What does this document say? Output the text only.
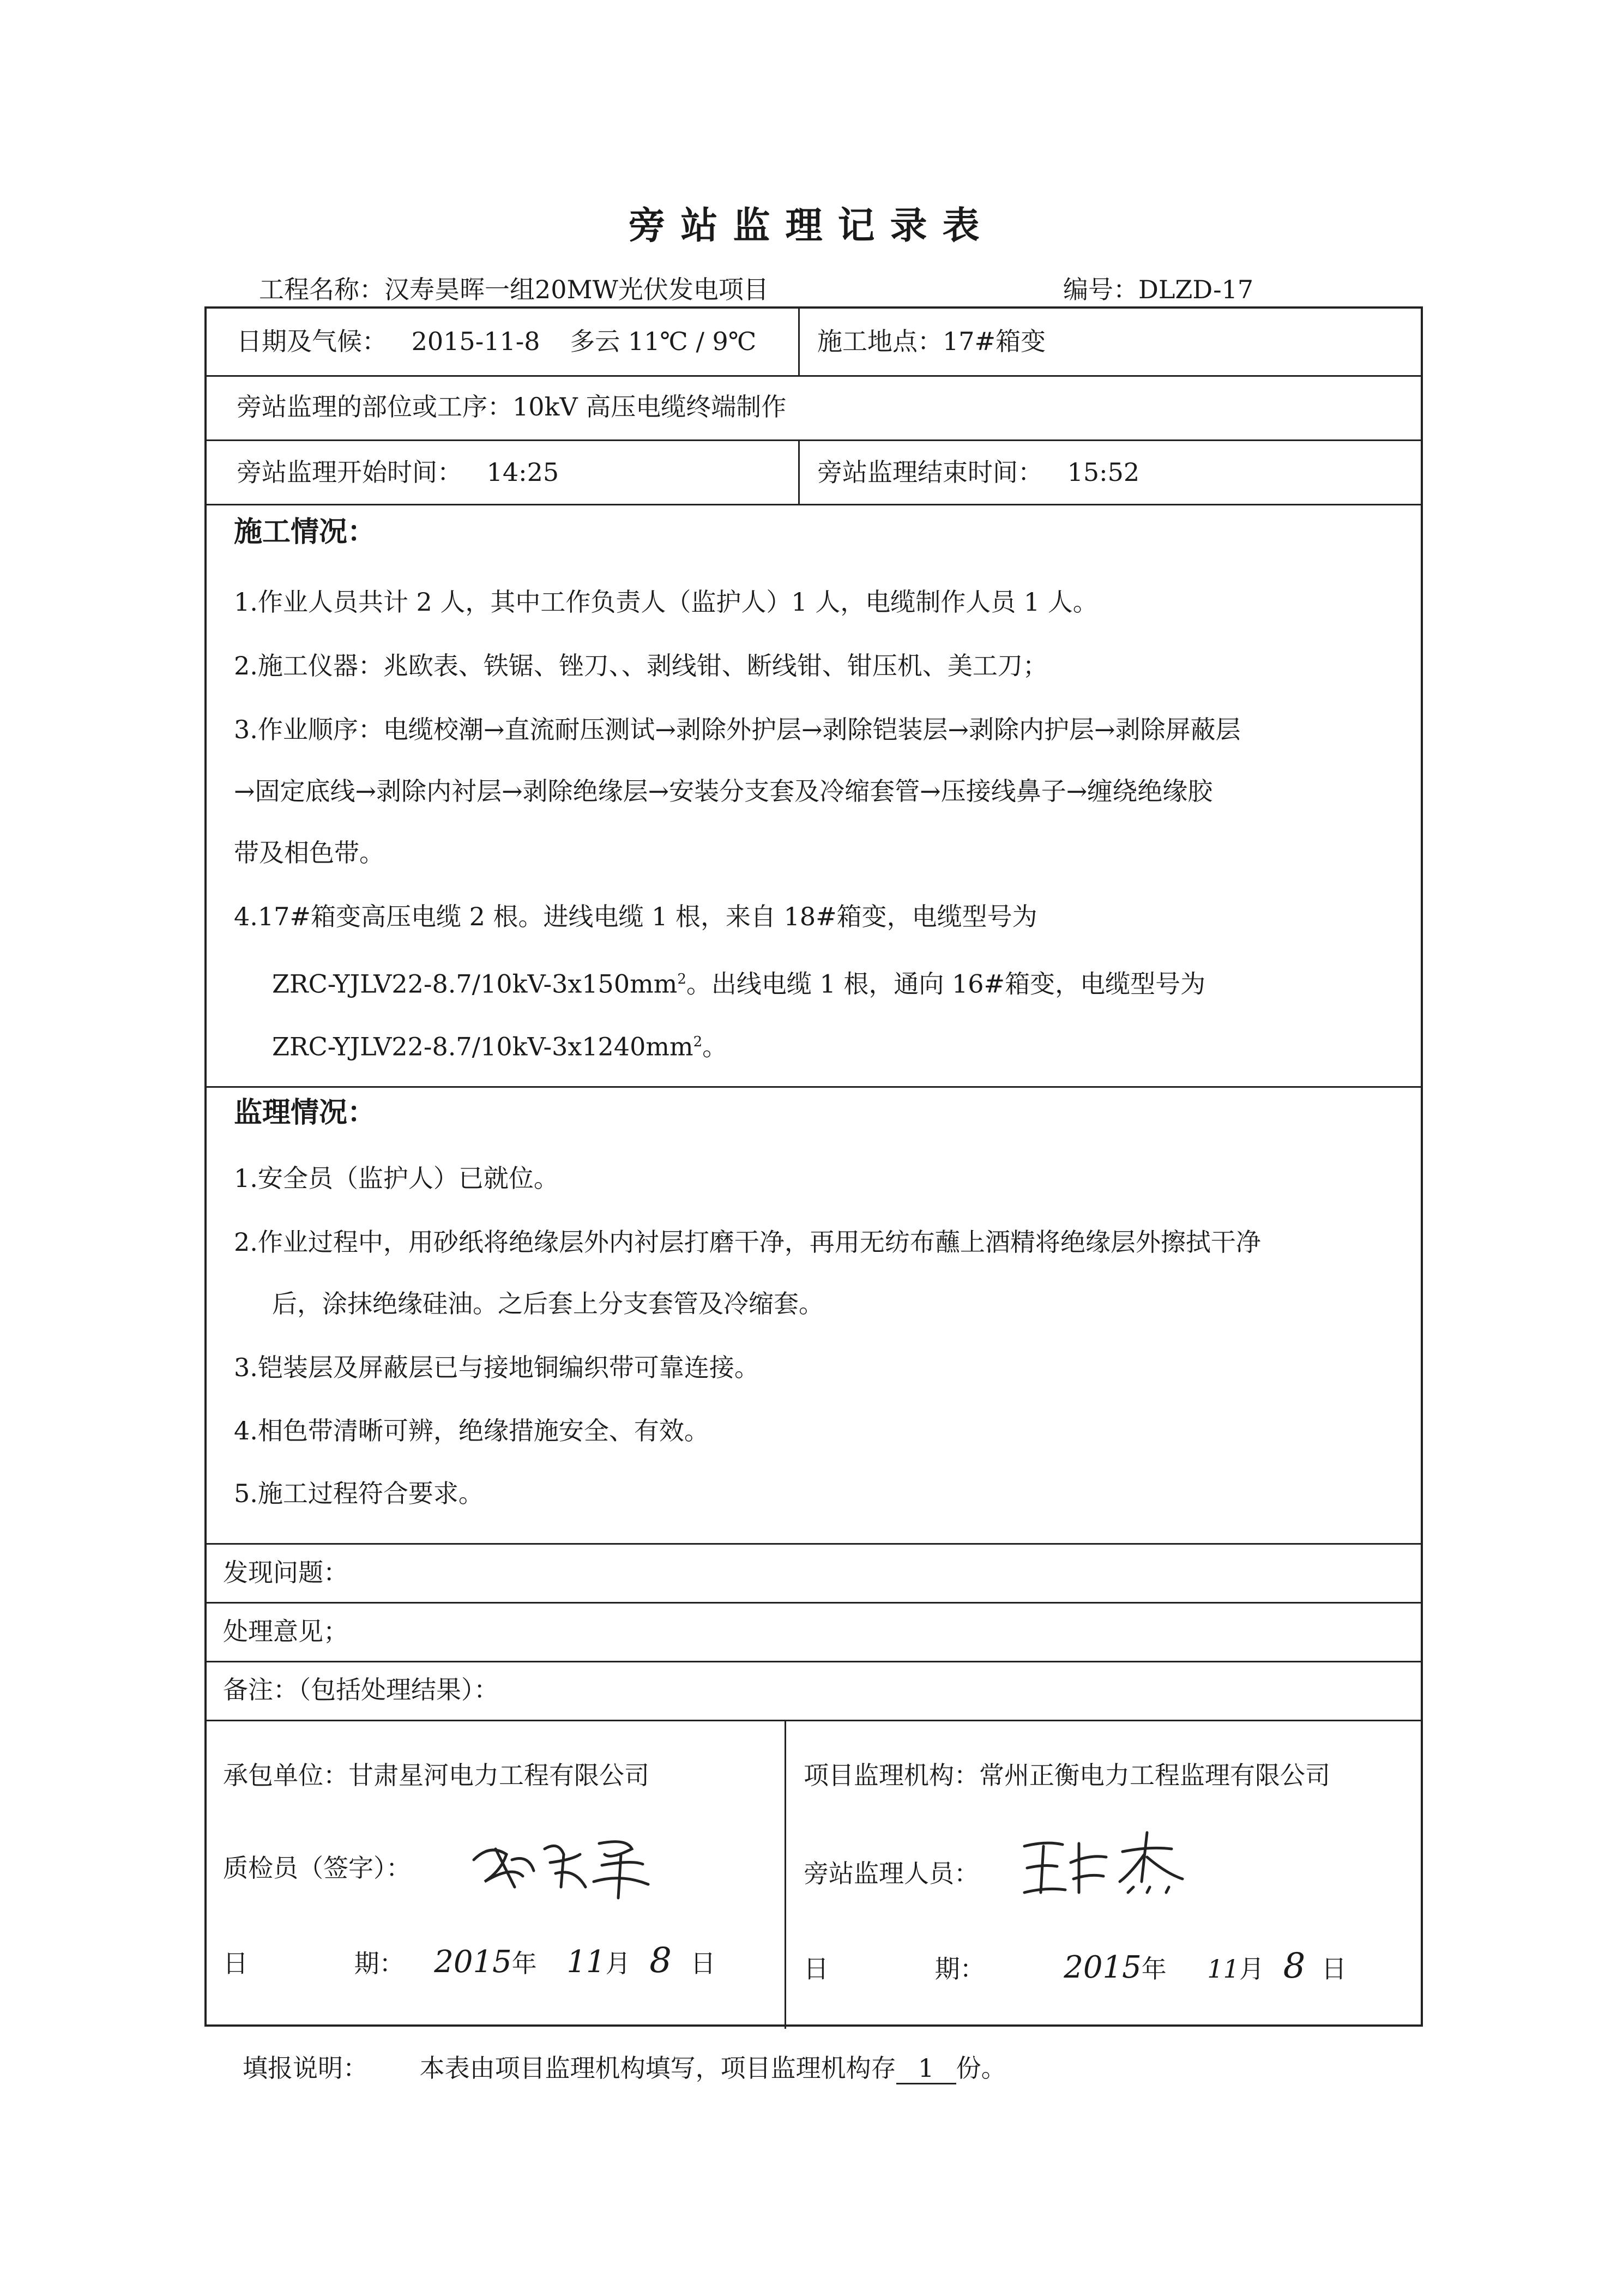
旁站监理记录表
工程名称：汉寿昊晖一组20MW光伏发电项目	编号：DLZD-17
日期及气候： 2015-11-8 多云 11℃ / 9℃ 施工地点：17#箱变
旁站监理的部位或工序：10kV 高压电缆终端制作
旁站监理开始时间： 14:25	旁站监理结束时间： 15:52
施工情况：
1.作业人员共计 2 人，其中工作负责人（监护人）1 人，电缆制作人员 1 人。
2.施工仪器：兆欧表、铁锯、锉刀、、剥线钳、断线钳、钳压机、美工刀；
3.作业顺序：电缆校潮→直流耐压测试→剥除外护层→剥除铠装层→剥除内护层→剥除屏蔽层
→固定底线→剥除内衬层→剥除绝缘层→安装分支套及冷缩套管→压接线鼻子→缠绕绝缘胶
带及相色带。
4.17#箱变高压电缆 2 根。进线电缆 1 根，来自 18#箱变，电缆型号为
ZRC-$YJLV22-8.7/10kV-3x150mm^2$。出线电缆 1 根，通向 16#箱变，电缆型号为
ZRC-$YJLV22-8.7/10kV-3x1240mm^2$。
监理情况：
1.安全员（监护人）已就位。
2.作业过程中，用砂纸将绝缘层外内衬层打磨干净，再用无纺布蘸上酒精将绝缘层外擦拭干净
后，涂抹绝缘硅油。之后套上分支套管及冷缩套。
3.铠装层及屏蔽层已与接地铜编织带可靠连接。
4.相色带清晰可辨，绝缘措施安全、有效。
5.施工过程符合要求。
发现问题：
处理意见；
备注：（包括处理结果）：
承包单位：甘肃星河电力工程有限公司
质检员（签字）：
日	期： 2015年 11月 8 日
项目监理机构：常州正衡电力工程监理有限公司
旁站监理人员：
日	期：	2015年 11月 8 日
填报说明： 本表由项目监理机构填写，项目监理机构存 1 份。
